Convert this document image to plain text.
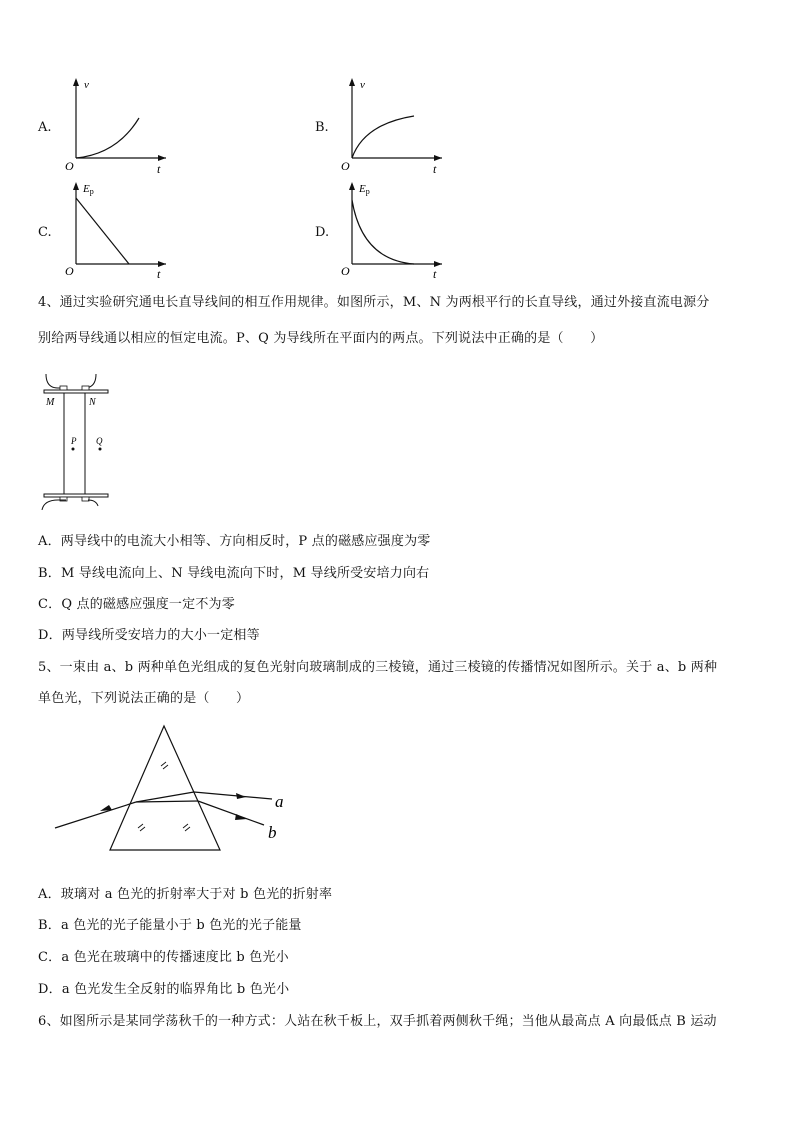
A.	B.
C.	D.
v
t
O
v
t
O
Ep
t
O
Ep
t
O
4、通过实验研究通电长直导线间的相互作用规律。如图所示，M、N 为两根平行的长直导线，通过外接直流电源分
别给两导线通以相应的恒定电流。P、Q 为导线所在平面内的两点。下列说法中正确的是（　　）
M	N
P Q
A．两导线中的电流大小相等、方向相反时，P 点的磁感应强度为零
B．M 导线电流向上、N 导线电流向下时，M 导线所受安培力向右
C．Q 点的磁感应强度一定不为零
D．两导线所受安培力的大小一定相等
5、一束由 a、b 两种单色光组成的复色光射向玻璃制成的三棱镜，通过三棱镜的传播情况如图所示。关于 a、b 两种
单色光，下列说法正确的是（　　）
a
b
A．玻璃对 a 色光的折射率大于对 b 色光的折射率
B．a 色光的光子能量小于 b 色光的光子能量
C．a 色光在玻璃中的传播速度比 b 色光小
D．a 色光发生全反射的临界角比 b 色光小
6、如图所示是某同学荡秋千的一种方式：人站在秋千板上，双手抓着两侧秋千绳；当他从最高点 A 向最低点 B 运动
